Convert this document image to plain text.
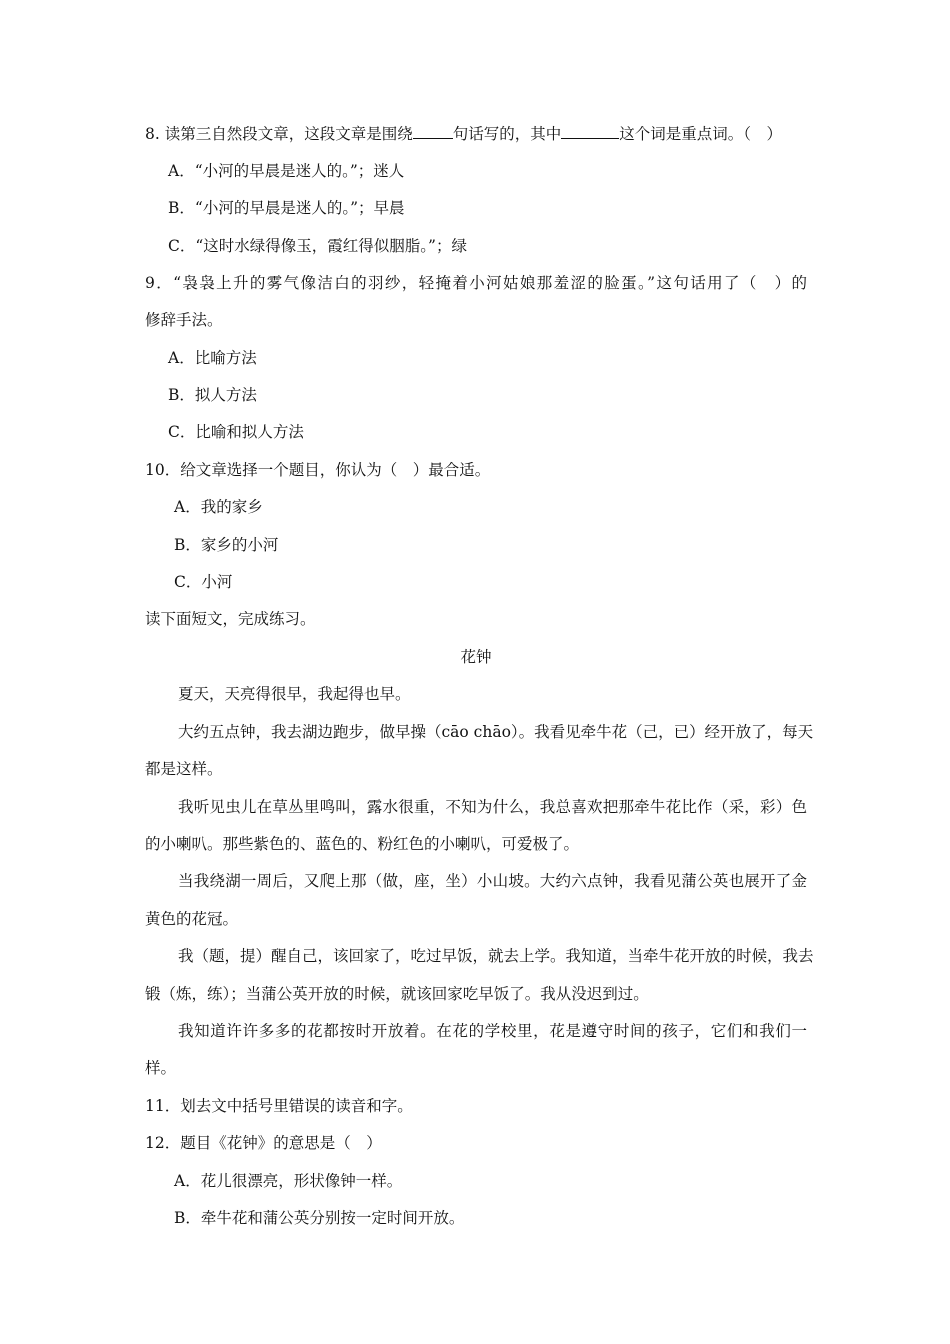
8. 读第三自然段文章，这段文章是围绕	句话写的，其中	这个词是重点词。（　）
A．“小河的早晨是迷人的。”；迷人
B．“小河的早晨是迷人的。”；早晨
C．“这时水绿得像玉，霞红得似胭脂。”；绿
9．“袅袅上升的雾气像洁白的羽纱，轻掩着小河姑娘那羞涩的脸蛋。”这句话用了（　）的
修辞手法。
A．比喻方法
B．拟人方法
C．比喻和拟人方法
10．给文章选择一个题目，你认为（　）最合适。
A．我的家乡
B．家乡的小河
C．小河
读下面短文，完成练习。
花钟
夏天，天亮得很早，我起得也早。
大约五点钟，我去湖边跑步，做早操（cāo chāo）。我看见牵牛花（己，已）经开放了，每天
都是这样。
我听见虫儿在草丛里鸣叫，露水很重，不知为什么，我总喜欢把那牵牛花比作（采，彩）色
的小喇叭。那些紫色的、蓝色的、粉红色的小喇叭，可爱极了。
当我绕湖一周后，又爬上那（做，座，坐）小山坡。大约六点钟，我看见蒲公英也展开了金
黄色的花冠。
我（题，提）醒自己，该回家了，吃过早饭，就去上学。我知道，当牵牛花开放的时候，我去
锻（炼，练）；当蒲公英开放的时候，就该回家吃早饭了。我从没迟到过。
我知道许许多多的花都按时开放着。在花的学校里，花是遵守时间的孩子，它们和我们一
样。
11．划去文中括号里错误的读音和字。
12．题目《花钟》的意思是（　）
A．花儿很漂亮，形状像钟一样。
B．牵牛花和蒲公英分别按一定时间开放。
